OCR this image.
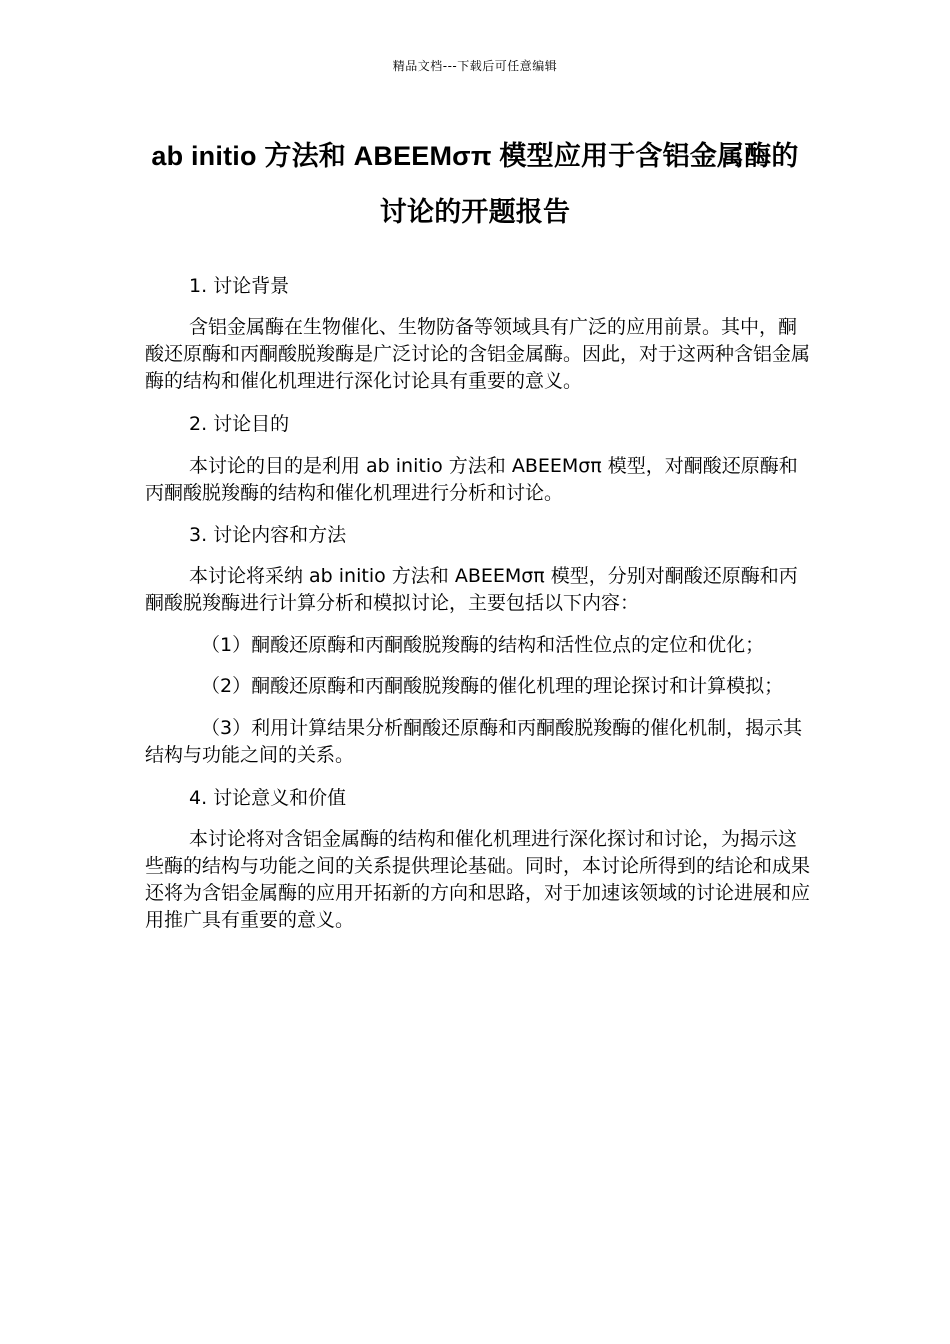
精品文档---下载后可任意编辑
ab initio 方法和 ABEEMσπ 模型应用于含铝金属酶的
讨论的开题报告
1. 讨论背景
含铝金属酶在生物催化、生物防备等领域具有广泛的应用前景。其中，酮酸还原酶和丙酮酸脱羧酶是广泛讨论的含铝金属酶。因此，对于这两种含铝金属酶的结构和催化机理进行深化讨论具有重要的意义。
2. 讨论目的
本讨论的目的是利用 ab initio 方法和 ABEEMσπ 模型，对酮酸还原酶和丙酮酸脱羧酶的结构和催化机理进行分析和讨论。
3. 讨论内容和方法
本讨论将采纳 ab initio 方法和 ABEEMσπ 模型，分别对酮酸还原酶和丙酮酸脱羧酶进行计算分析和模拟讨论，主要包括以下内容：
（1）酮酸还原酶和丙酮酸脱羧酶的结构和活性位点的定位和优化；
（2）酮酸还原酶和丙酮酸脱羧酶的催化机理的理论探讨和计算模拟；
（3）利用计算结果分析酮酸还原酶和丙酮酸脱羧酶的催化机制，揭示其结构与功能之间的关系。
4. 讨论意义和价值
本讨论将对含铝金属酶的结构和催化机理进行深化探讨和讨论，为揭示这些酶的结构与功能之间的关系提供理论基础。同时，本讨论所得到的结论和成果还将为含铝金属酶的应用开拓新的方向和思路，对于加速该领域的讨论进展和应用推广具有重要的意义。
